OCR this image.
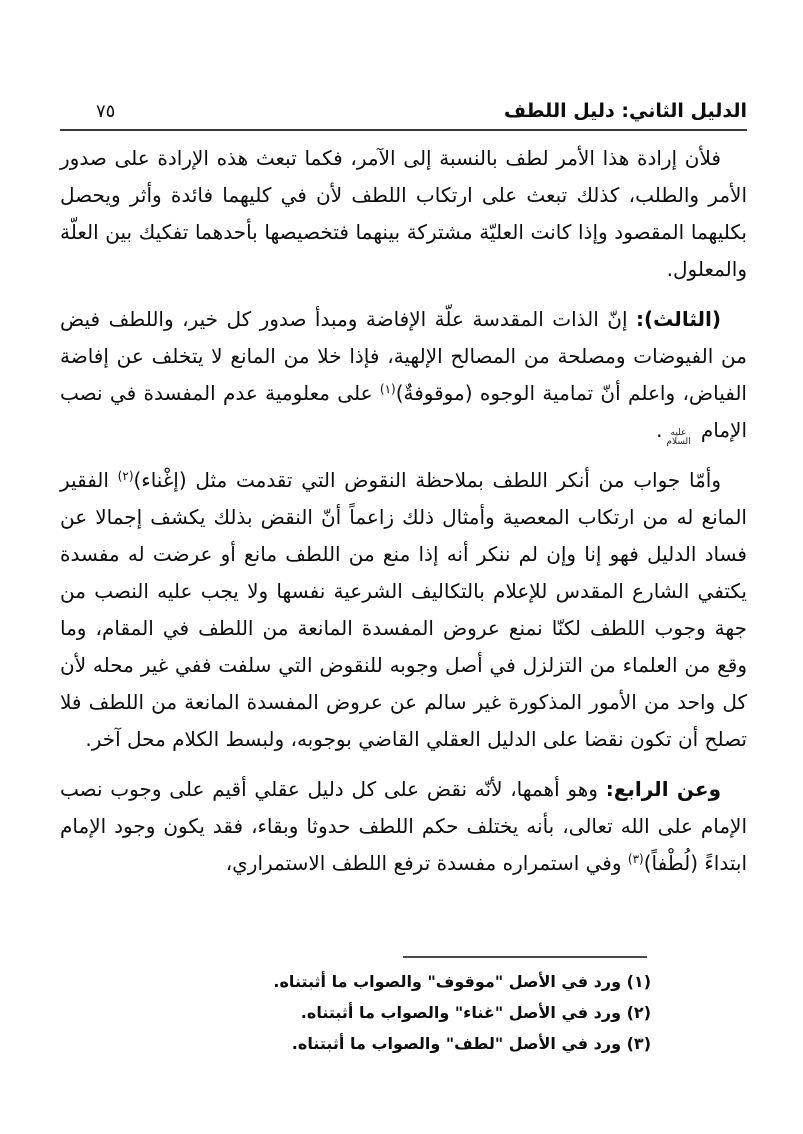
٧٥	الدليل الثاني: دليل اللطف

فلأن إرادة هذا الأمر لطف بالنسبة إلى الآمر، فكما تبعث هذه الإرادة على صدور الأمر والطلب، كذلك تبعث على ارتكاب اللطف لأن في كليهما فائدة وأثر ويحصل بكليهما المقصود وإذا كانت العليّة مشتركة بينهما فتخصيصها بأحدهما تفكيك بين العلّة والمعلول.

(الثالث): إنّ الذات المقدسة علّة الإفاضة ومبدأ صدور كل خير، واللطف فيض من الفيوضات ومصلحة من المصالح الإلهية، فإذا خلا من المانع لا يتخلف عن إفاضة الفياض، واعلم أنّ تمامية الوجوه (موقوفةٌ)$^{(١)}$ على معلومية عدم المفسدة في نصب الإمام عليه السلام.

وأمّا جواب من أنكر اللطف بملاحظة النقوض التي تقدمت مثل (إغْناء)$^{(٢)}$ الفقير المانع له من ارتكاب المعصية وأمثال ذلك زاعماً أنّ النقض بذلك يكشف إجمالا عن فساد الدليل فهو إنا وإن لم ننكر أنه إذا منع من اللطف مانع أو عرضت له مفسدة يكتفي الشارع المقدس للإعلام بالتكاليف الشرعية نفسها ولا يجب عليه النصب من جهة وجوب اللطف لكنّا نمنع عروض المفسدة المانعة من اللطف في المقام، وما وقع من العلماء من التزلزل في أصل وجوبه للنقوض التي سلفت ففي غير محله لأن كل واحد من الأمور المذكورة غير سالم عن عروض المفسدة المانعة من اللطف فلا تصلح أن تكون نقضا على الدليل العقلي القاضي بوجوبه، ولبسط الكلام محل آخر.

وعن الرابع: وهو أهمها، لأنّه نقض على كل دليل عقلي أقيم على وجوب نصب الإمام على الله تعالى، بأنه يختلف حكم اللطف حدوثا وبقاء، فقد يكون وجود الإمام ابتداءً (لُطْفاً)$^{(٣)}$ وفي استمراره مفسدة ترفع اللطف الاستمراري،

(١) ورد في الأصل "موقوف" والصواب ما أثبتناه.

(٢) ورد في الأصل "غناء" والصواب ما أثبتناه.

(٣) ورد في الأصل "لطف" والصواب ما أثبتناه.
